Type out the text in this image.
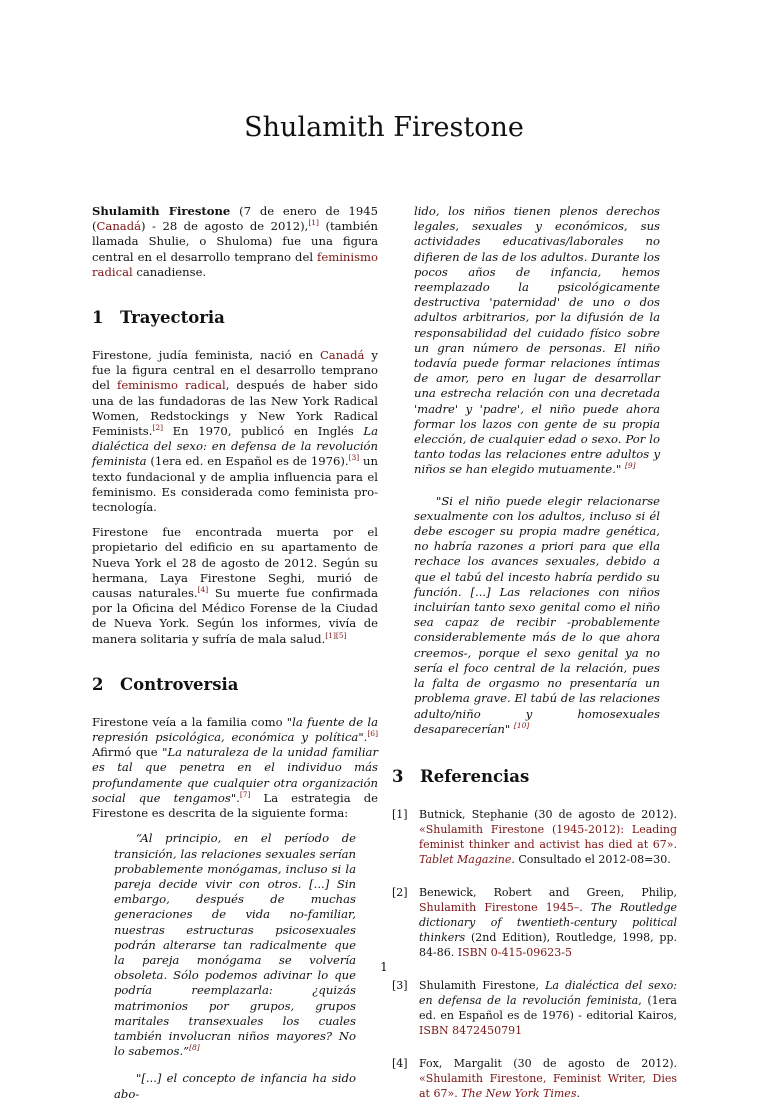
Shulamith Firestone

Shulamith Firestone (7 de enero de 1945 (Canadá) - 28 de agosto de 2012),[1] (también llamada Shulie, o Shuloma) fue una figura central en el desarrollo temprano del feminismo radical canadiense.

1 Trayectoria

Firestone, judía feminista, nació en Canadá y fue la figura central en el desarrollo temprano del feminismo radical, después de haber sido una de las fundadoras de las New York Radical Women, Redstockings y New York Radical Feminists.[2] En 1970, publicó en Inglés La dialéctica del sexo: en defensa de la revolución feminista (1era ed. en Español es de 1976).[3] un texto fundacional y de amplia influencia para el feminismo. Es considerada como feminista pro-tecnología.

Firestone fue encontrada muerta por el propietario del edificio en su apartamento de Nueva York el 28 de agosto de 2012. Según su hermana, Laya Firestone Seghi, murió de causas naturales.[4] Su muerte fue confirmada por la Oficina del Médico Forense de la Ciudad de Nueva York. Según los informes, vivía de manera solitaria y sufría de mala salud.[1][5]

2 Controversia

Firestone veía a la familia como "la fuente de la represión psicológica, económica y política".[6] Afirmó que "La naturaleza de la unidad familiar es tal que penetra en el individuo más profundamente que cualquier otra organización social que tengamos".[7] La estrategia de Firestone es descrita de la siguiente forma:

“Al principio, en el período de transición, las relaciones sexuales serían probablemente monógamas, incluso si la pareja decide vivir con otros. [...] Sin embargo, después de muchas generaciones de vida no-familiar, nuestras estructuras psicosexuales podrán alterarse tan radicalmente que la pareja monógama se volvería obsoleta. Sólo podemos adivinar lo que podría reemplazarla: ¿quizás matrimonios por grupos, grupos maritales transexuales los cuales también involucran niños mayores? No lo sabemos.”[8]

"[...] el concepto de infancia ha sido abo-

lido, los niños tienen plenos derechos legales, sexuales y económicos, sus actividades educativas/laborales no difieren de las de los adultos. Durante los pocos años de infancia, hemos reemplazado la psicológicamente destructiva 'paternidad' de uno o dos adultos arbitrarios, por la difusión de la responsabilidad del cuidado físico sobre un gran número de personas. El niño todavía puede formar relaciones íntimas de amor, pero en lugar de desarrollar una estrecha relación con una decretada 'madre' y 'padre', el niño puede ahora formar los lazos con gente de su propia elección, de cualquier edad o sexo. Por lo tanto todas las relaciones entre adultos y niños se han elegido mutuamente." [9]

"Si el niño puede elegir relacionarse sexualmente con los adultos, incluso si él debe escoger su propia madre genética, no habría razones a priori para que ella rechace los avances sexuales, debido a que el tabú del incesto habría perdido su función. [...] Las relaciones con niños incluirían tanto sexo genital como el niño sea capaz de recibir -probablemente considerablemente más de lo que ahora creemos-, porque el sexo genital ya no sería el foco central de la relación, pues la falta de orgasmo no presentaría un problema grave. El tabú de las relaciones adulto/niño y homosexuales desaparecerían" [10]

3 Referencias
[1] Butnick, Stephanie (30 de agosto de 2012). «Shulamith Firestone (1945-2012): Leading feminist thinker and activist has died at 67». Tablet Magazine. Consultado el 2012-08=30.
[2] Benewick, Robert and Green, Philip, Shulamith Firestone 1945–. The Routledge dictionary of twentieth-century political thinkers (2nd Edition), Routledge, 1998, pp. 84-86. ISBN 0-415-09623-5
[3] Shulamith Firestone, La dialéctica del sexo: en defensa de la revolución feminista, (1era ed. en Español es de 1976) - editorial Kairos, ISBN 8472450791
[4] Fox, Margalit (30 de agosto de 2012). «Shulamith Firestone, Feminist Writer, Dies at 67». The New York Times.
1
